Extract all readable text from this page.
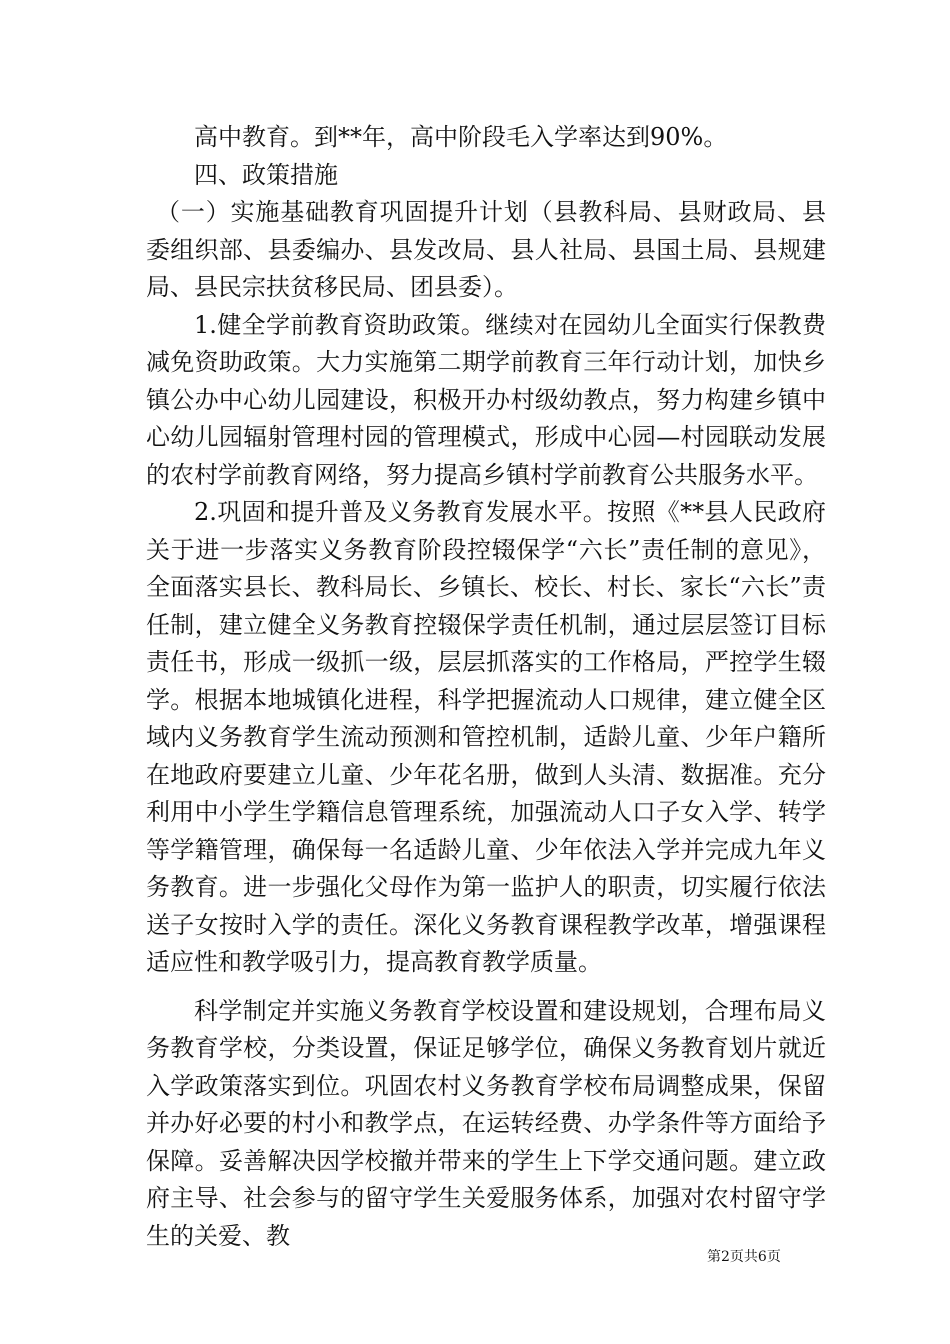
高中教育。到**年，高中阶段毛入学率达到90%。

四、政策措施

（一）实施基础教育巩固提升计划（县教科局、县财政局、县委组织部、县委编办、县发改局、县人社局、县国土局、县规建局、县民宗扶贫移民局、团县委）。

1.健全学前教育资助政策。继续对在园幼儿全面实行保教费减免资助政策。大力实施第二期学前教育三年行动计划，加快乡镇公办中心幼儿园建设，积极开办村级幼教点，努力构建乡镇中心幼儿园辐射管理村园的管理模式，形成中心园—村园联动发展的农村学前教育网络，努力提高乡镇村学前教育公共服务水平。

2.巩固和提升普及义务教育发展水平。按照《**县人民政府关于进一步落实义务教育阶段控辍保学“六长”责任制的意见》，全面落实县长、教科局长、乡镇长、校长、村长、家长“六长”责任制，建立健全义务教育控辍保学责任机制，通过层层签订目标责任书，形成一级抓一级，层层抓落实的工作格局，严控学生辍学。根据本地城镇化进程，科学把握流动人口规律，建立健全区域内义务教育学生流动预测和管控机制，适龄儿童、少年户籍所在地政府要建立儿童、少年花名册，做到人头清、数据准。充分利用中小学生学籍信息管理系统，加强流动人口子女入学、转学等学籍管理，确保每一名适龄儿童、少年依法入学并完成九年义务教育。进一步强化父母作为第一监护人的职责，切实履行依法送子女按时入学的责任。深化义务教育课程教学改革，增强课程适应性和教学吸引力，提高教育教学质量。

科学制定并实施义务教育学校设置和建设规划，合理布局义务教育学校，分类设置，保证足够学位，确保义务教育划片就近入学政策落实到位。巩固农村义务教育学校布局调整成果，保留并办好必要的村小和教学点，在运转经费、办学条件等方面给予保障。妥善解决因学校撤并带来的学生上下学交通问题。建立政府主导、社会参与的留守学生关爱服务体系，加强对农村留守学生的关爱、教

第2页共6页
